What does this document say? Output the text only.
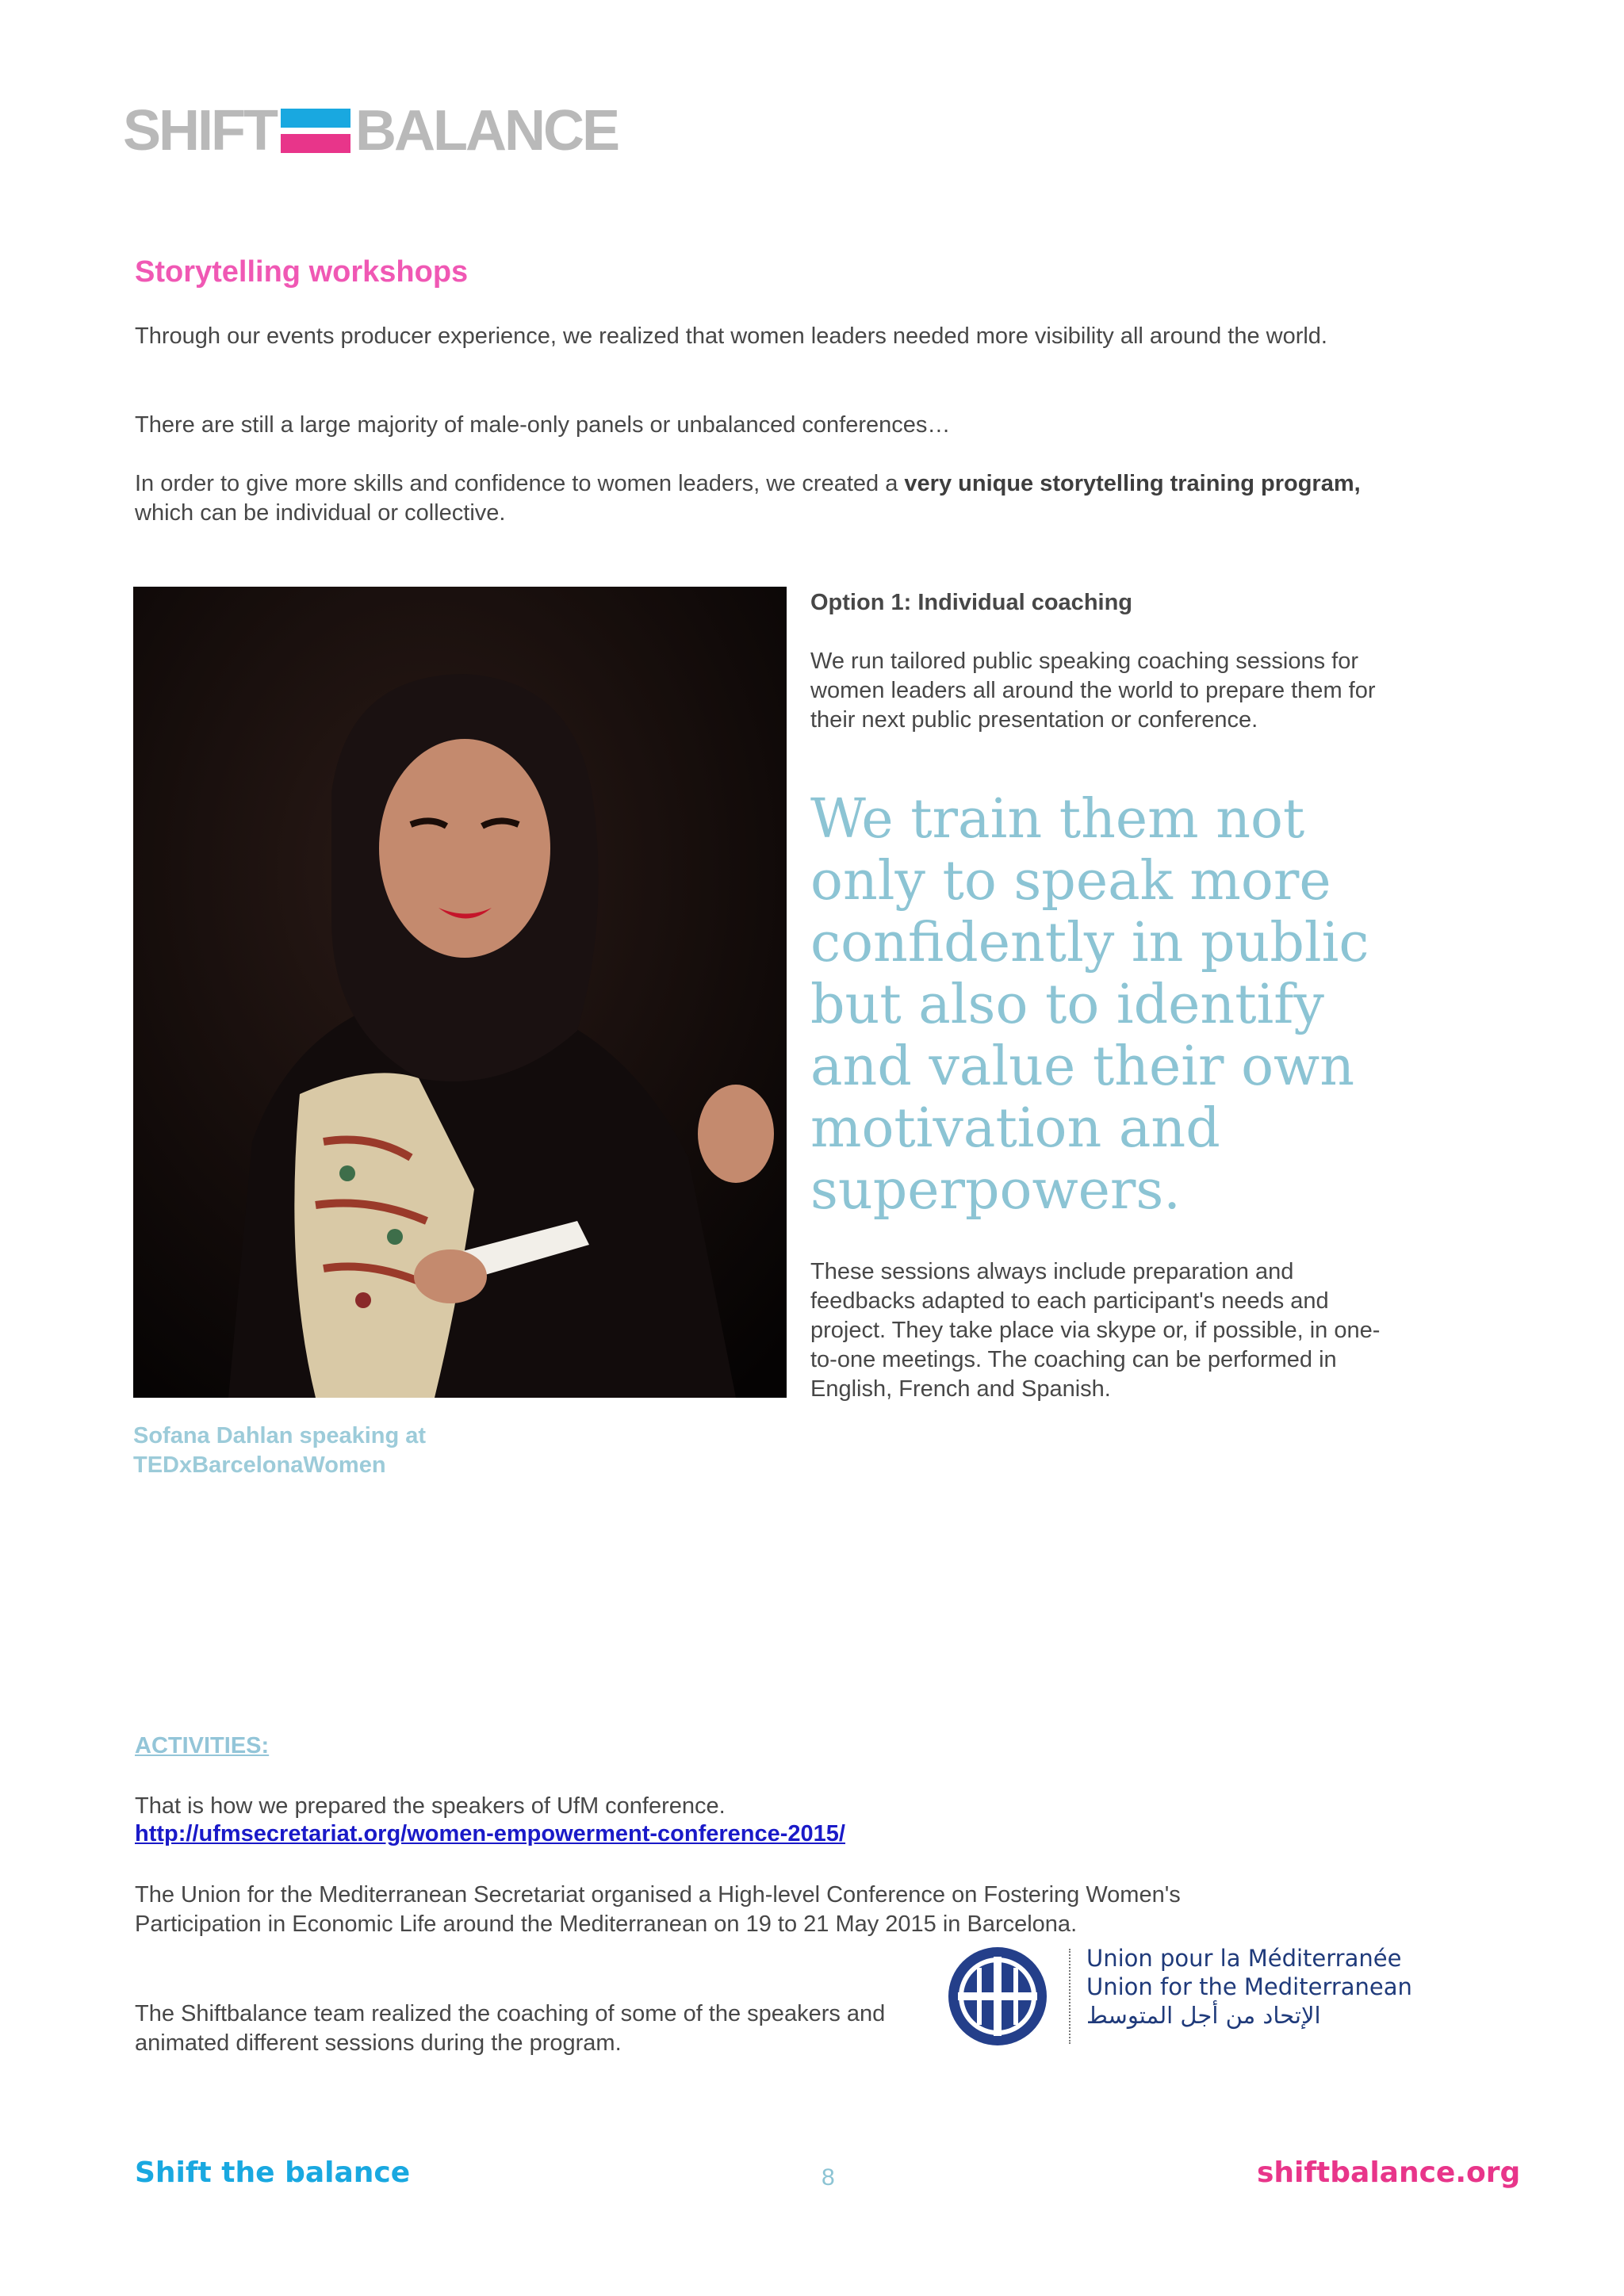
SHIFT BALANCE
Storytelling workshops
Through our events producer experience, we realized that women leaders needed more visibility all around the world.
There are still a large majority of male-only panels or unbalanced conferences…
In order to give more skills and confidence to women leaders, we created a very unique storytelling training program, which can be individual or collective.
Sofana Dahlan speaking at TEDxBarcelonaWomen
Option 1: Individual coaching
We run tailored public speaking coaching sessions for women leaders all around the world to prepare them for their next public presentation or conference.
We train them not only to speak more confidently in public but also to identify and value their own motivation and superpowers.
These sessions always include preparation and feedbacks adapted to each participant's needs and project. They take place via skype or, if possible, in one-to-one meetings. The coaching can be performed in English, French and Spanish.
ACTIVITIES:
That is how we prepared the speakers of UfM conference.
http://ufmsecretariat.org/women-empowerment-conference-2015/
The Union for the Mediterranean Secretariat organised a High-level Conference on Fostering Women's Participation in Economic Life around the Mediterranean on 19 to 21 May 2015 in Barcelona.
The Shiftbalance team realized the coaching of some of the speakers and animated different sessions during the program.
Union pour la Méditerranée
Union for the Mediterranean
الإتحاد من أجل المتوسط
Shift the balance	8	shiftbalance.org
